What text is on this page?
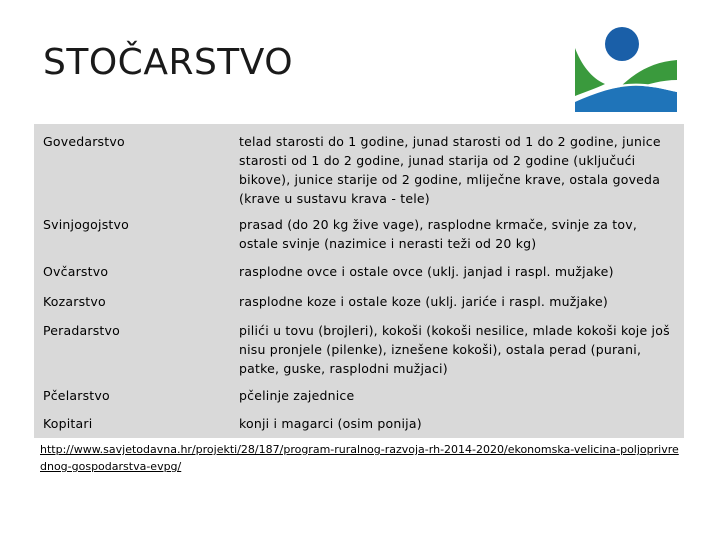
STOČARSTVO
Govedarstvo	telad starosti do 1 godine, junad starosti od 1 do 2 godine, junice starosti od 1 do 2 godine, junad starija od 2 godine (uključući bikove), junice starije od 2 godine, mliječne krave, ostala goveda (krave u sustavu krava - tele)
Svinjogojstvo	prasad (do 20 kg žive vage), rasplodne krmače, svinje za tov, ostale svinje (nazimice i nerasti teži od 20 kg)
Ovčarstvo	rasplodne ovce i ostale ovce (uklj. janjad i raspl. mužjake)
Kozarstvo	rasplodne koze i ostale koze (uklj. jariće i raspl. mužjake)
Peradarstvo	pilići u tovu (brojleri), kokoši (kokoši nesilice, mlade kokoši koje još nisu pronjele (pilenke), iznešene kokoši), ostala perad (purani, patke, guske, rasplodni mužjaci)
Pčelarstvo	pčelinje zajednice
Kopitari	konji i magarci (osim ponija)
http://www.savjetodavna.hr/projekti/28/187/program-ruralnog-razvoja-rh-2014-2020/ekonomska-velicina-poljoprivrednog-gospodarstva-evpg/
